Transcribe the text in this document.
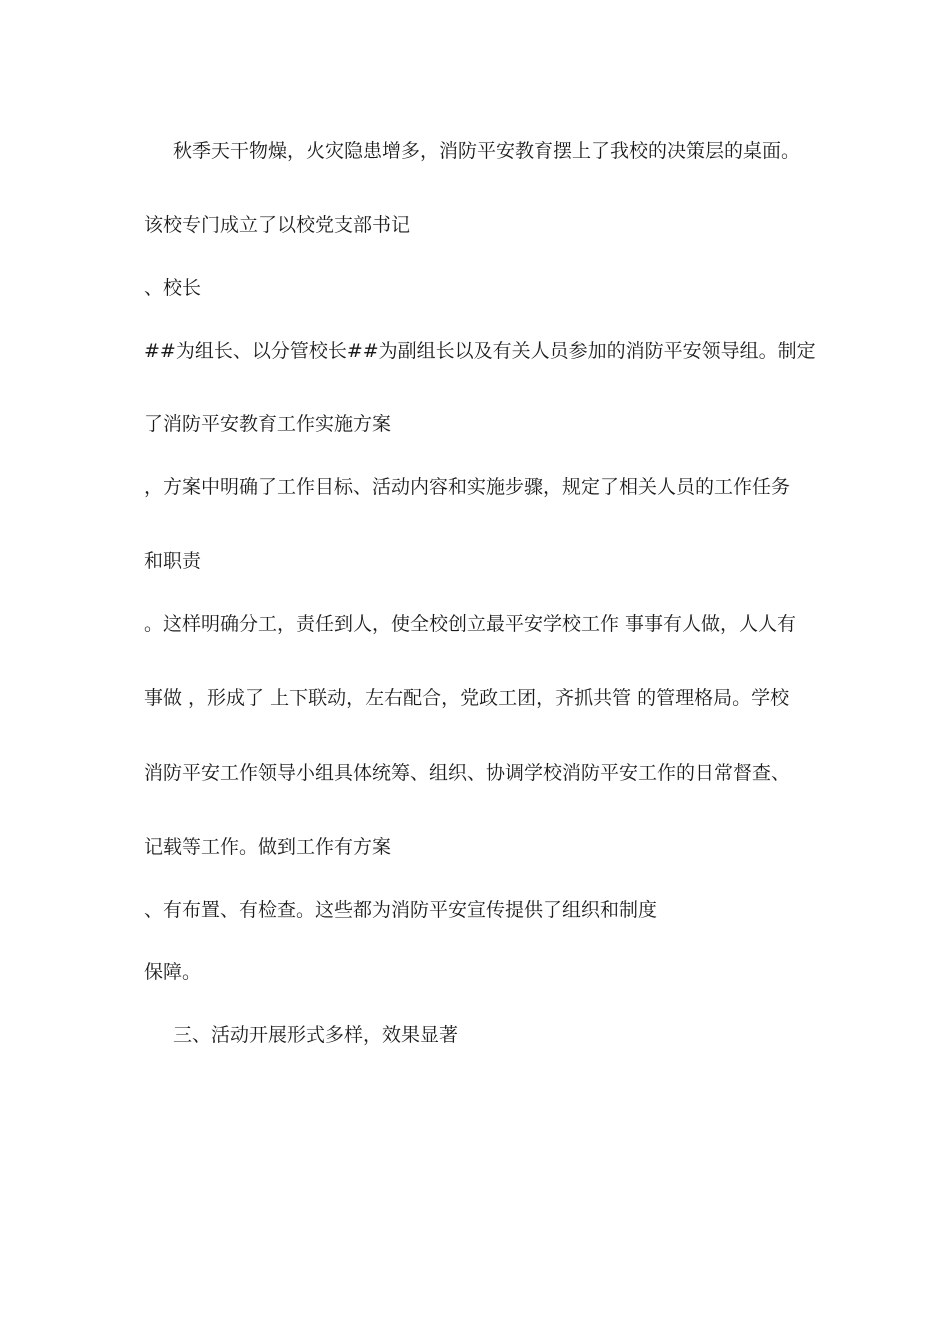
秋季天干物燥，火灾隐患增多，消防平安教育摆上了我校的决策层的桌面。

该校专门成立了以校党支部书记

、校长

##为组长、以分管校长##为副组长以及有关人员参加的消防平安领导组。制定

了消防平安教育工作实施方案

，方案中明确了工作目标、活动内容和实施步骤，规定了相关人员的工作任务

和职责

。这样明确分工，责任到人，使全校创立最平安学校工作 事事有人做，人人有

事做 ，形成了 上下联动，左右配合，党政工团，齐抓共管 的管理格局。学校

消防平安工作领导小组具体统筹、组织、协调学校消防平安工作的日常督查、

记载等工作。做到工作有方案

、有布置、有检查。这些都为消防平安宣传提供了组织和制度

保障。

三、活动开展形式多样，效果显著
